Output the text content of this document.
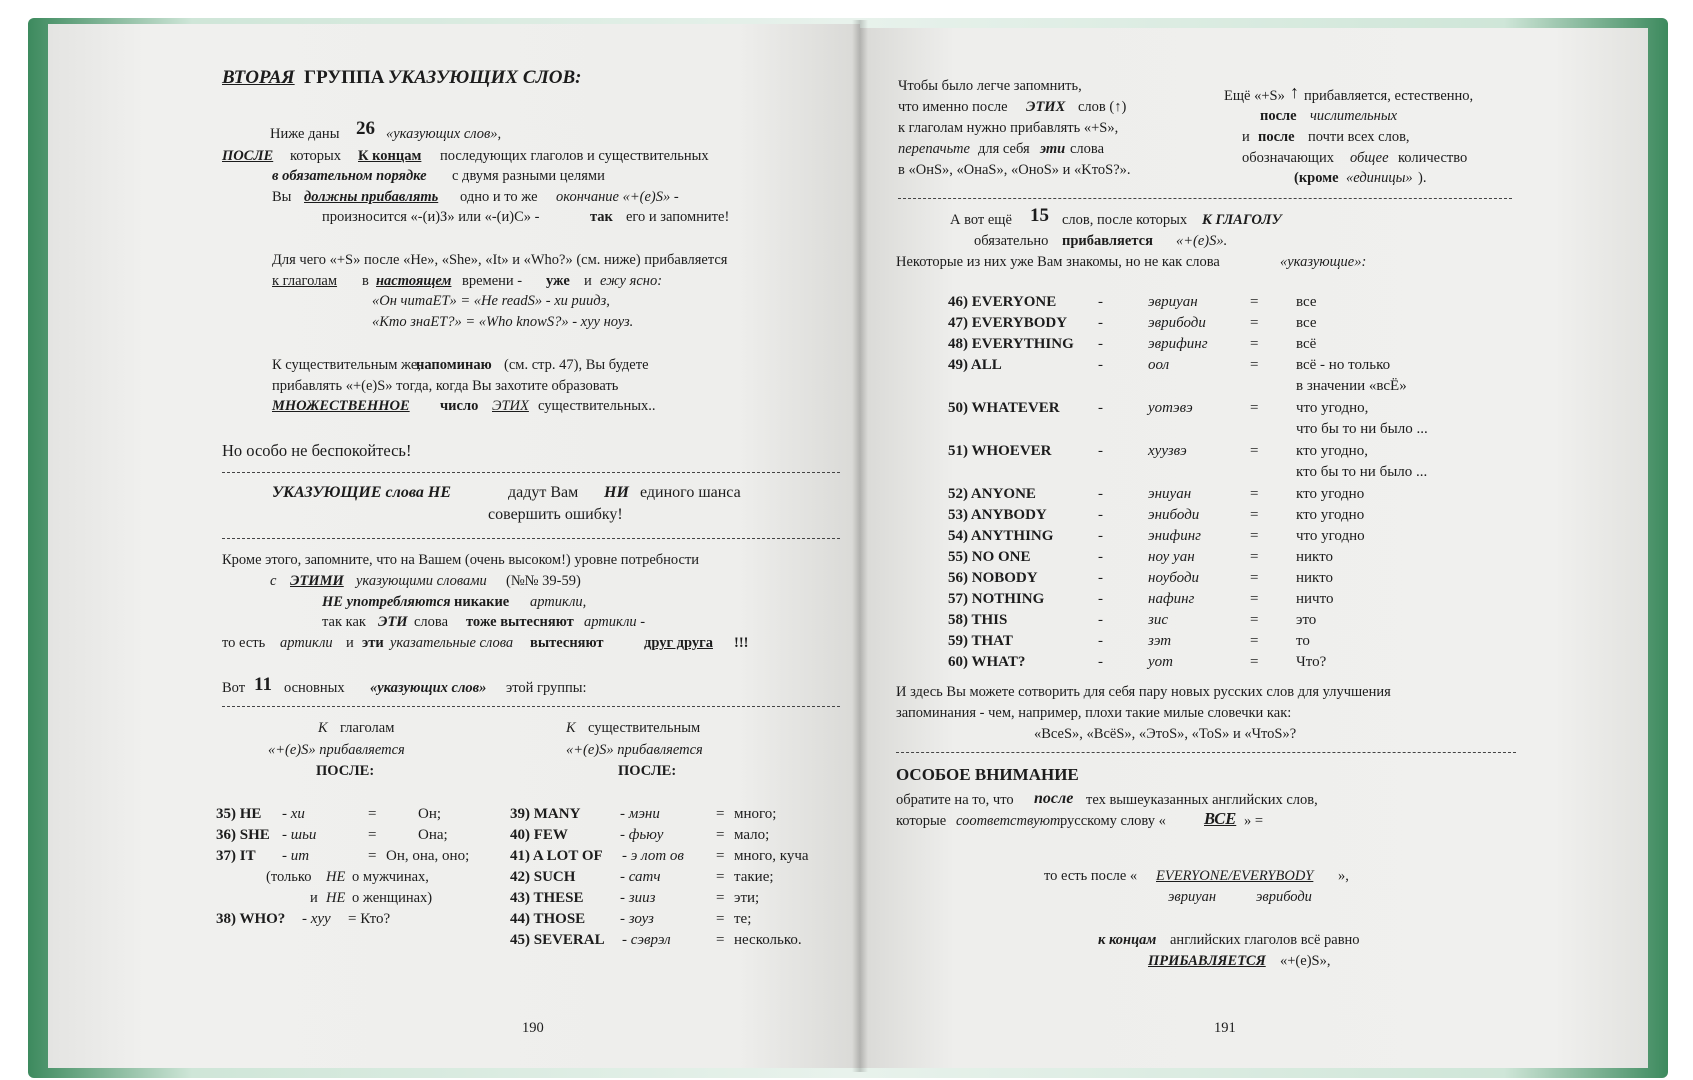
ВТОРАЯ ГРУППА УКАЗУЮЩИХ СЛОВ:
Ниже даны 26 «указующих слов»,
ПОСЛЕ которых К концам последующих глаголов и существительных
в обязательном порядке с двумя разными целями
Вы должны прибавлять одно и то же окончание «+(e)S» -
произносится «-(и)З» или «-(и)С» -	так его и запомните!
Для чего «+S» после «He», «She», «It» и «Who?» (см. ниже) прибавляется
к глаголам в настоящем времени - уже и ежу ясно:
«Он читаET» = «He readS» - хи риидз,
«Кто знаET?» = «Who knowS?» - хуу ноуз.
К существительным же,
напоминаю (см. стр. 47), Вы будете
прибавлять «+(e)S» тогда, когда Вы захотите образовать
МНОЖЕСТВЕННОЕ число ЭТИХ существительных..
Но особо не беспокойтесь!
УКАЗУЮЩИЕ слова НЕ	дадут Вам НИ единого шанса
совершить ошибку!
Кроме этого, запомните, что на Вашем (очень высоком!) уровне потребности
с ЭТИМИ указующими словами (№№ 39-59)
НЕ употребляются никакие артикли,
так как ЭТИ слова тоже вытесняют артикли -
то есть артикли и эти указательные слова вытесняют	друг друга !!!
Вот 11 основных «указующих слов» этой группы:
К глаголам
«+(e)S» прибавляется
ПОСЛЕ:
К существительным
«+(e)S» прибавляется
ПОСЛЕ:
35) HE - хи	=	Он;
36) SHE - шьи	=	Она;
37) IT - ит	= Он, она, оно;
(только НЕ о мужчинах,
и НЕ о женщинах)
38) WHO? - хуу = Кто?
39) MANY	- мэни	= много;
40) FEW	- фьюу	= мало;
41) A LOT OF - э лот ов = много, куча
42) SUCH	- сатч	= такие;
43) THESE - зииз	= эти;
44) THOSE - зоуз	= те;
45) SEVERAL - сэврэл	= несколько.
190
Чтобы было легче запомнить,
что именно после ЭТИХ слов (↑)
к глаголам нужно прибавлять «+S»,
перепачьте для себя эти слова
в «OнS», «OнаS», «OноS» и «KтоS?».
Ещё «+S» ↑ прибавляется, естественно,
после числительных
и после почти всех слов,
обозначающих общее количество
(кроме «единицы» ).
А вот ещё 15 слов, после которых К ГЛАГОЛУ
обязательно прибавляется «+(e)S».
Некоторые из них уже Вам знакомы, но не как слова	«указующие»:
46) EVERYONE	-	эвриуан	=	все
47) EVERYBODY -	эврибоди	=	все
48) EVERYTHING -	эврифинг	=	всё
49) ALL	-	оол	=	всё - но только
в значении «всЁ»
50) WHATEVER	-	уотэвэ	=	что угодно,
что бы то ни было ...
51) WHOEVER	-	хуузвэ	=	кто угодно,
кто бы то ни было ...
52) ANYONE	-	эниуан	=	кто угодно
53) ANYBODY	-	энибоди	=	кто угодно
54) ANYTHING	-	энифинг	=	что угодно
55) NO ONE	-	ноу уан	=	никто
56) NOBODY	-	ноубоди	=	никто
57) NOTHING	-	нафинг	=	ничто
58) THIS	-	зис	=	это
59) THAT	-	зэт	=	то
60) WHAT?	-	уот	=	Что?
И здесь Вы можете сотворить для себя пару новых русских слов для улучшения
запоминания - чем, например, плохи такие милые словечки как:
«ВсеS», «ВсёS», «ЭтоS», «ToS» и «ЧтоS»?
ОСОБОЕ ВНИМАНИЕ
обратите на то, что после тех вышеуказанных английских слов,
которые соответствуют русскому слову « ВСЕ » =
то есть после « EVERYONE/EVERYBODY »,
эвриуан	эврибоди
к концам английских глаголов всё равно
ПРИБАВЛЯЕТСЯ «+(e)S»,
191
